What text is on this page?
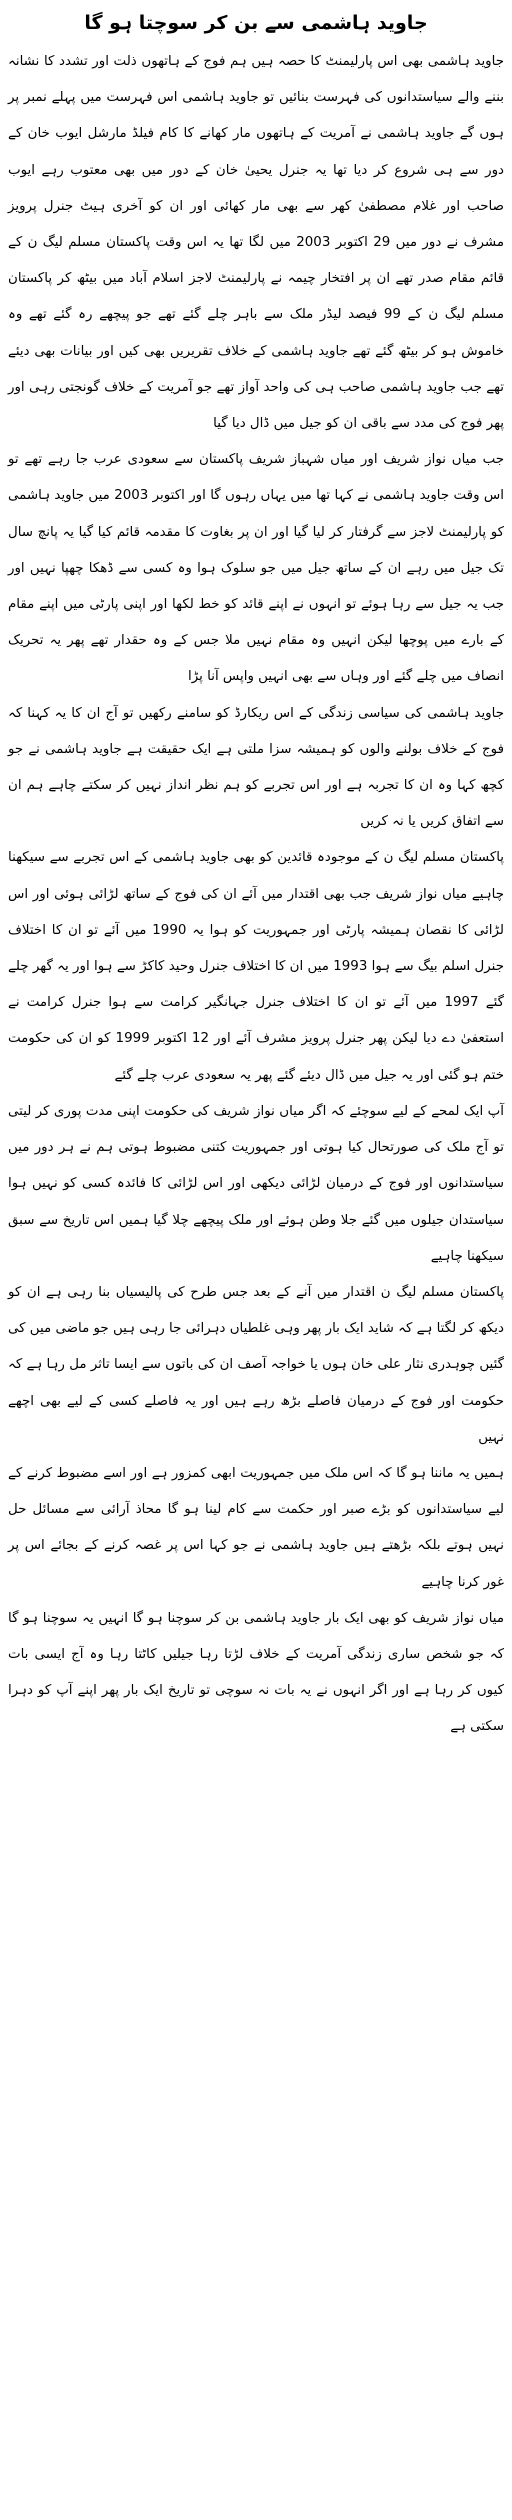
جاوید ہاشمی سے بن کر سوچتا ہو گا

جاوید ہاشمی بھی اس پارلیمنٹ کا حصہ ہیں ہم فوج کے ہاتھوں ذلت اور تشدد کا نشانہ بننے والے سیاستدانوں کی فہرست بنائیں تو جاوید ہاشمی اس فہرست میں پہلے نمبر پر ہوں گے جاوید ہاشمی نے آمریت کے ہاتھوں مار کھانے کا کام فیلڈ مارشل ایوب خان کے دور سے ہی شروع کر دیا تھا یہ جنرل یحییٰ خان کے دور میں بھی معتوب رہے ایوب صاحب اور غلام مصطفیٰ کھر سے بھی مار کھائی اور ان کو آخری ہیٹ جنرل پرویز مشرف نے دور میں 29 اکتوبر 2003 میں لگا تھا یہ اس وقت پاکستان مسلم لیگ ن کے قائم مقام صدر تھے ان پر افتخار چیمہ نے پارلیمنٹ لاجز اسلام آباد میں بیٹھ کر پاکستان مسلم لیگ ن کے 99 فیصد لیڈر ملک سے باہر چلے گئے تھے جو پیچھے رہ گئے تھے وہ خاموش ہو کر بیٹھ گئے تھے جاوید ہاشمی کے خلاف تقریریں بھی کیں اور بیانات بھی دیئے تھے جب جاوید ہاشمی صاحب ہی کی واحد آواز تھے جو آمریت کے خلاف گونجتی رہی اور پھر فوج کی مدد سے باقی ان کو جیل میں ڈال دیا گیا

جب میاں نواز شریف اور میاں شہباز شریف پاکستان سے سعودی عرب جا رہے تھے تو اس وقت جاوید ہاشمی نے کہا تھا میں یہاں رہوں گا اور اکتوبر 2003 میں جاوید ہاشمی کو پارلیمنٹ لاجز سے گرفتار کر لیا گیا اور ان پر بغاوت کا مقدمہ قائم کیا گیا یہ پانچ سال تک جیل میں رہے ان کے ساتھ جیل میں جو سلوک ہوا وہ کسی سے ڈھکا چھپا نہیں اور جب یہ جیل سے رہا ہوئے تو انہوں نے اپنے قائد کو خط لکھا اور اپنی پارٹی میں اپنے مقام کے بارے میں پوچھا لیکن انہیں وہ مقام نہیں ملا جس کے وہ حقدار تھے پھر یہ تحریک انصاف میں چلے گئے اور وہاں سے بھی انہیں واپس آنا پڑا

جاوید ہاشمی کی سیاسی زندگی کے اس ریکارڈ کو سامنے رکھیں تو آج ان کا یہ کہنا کہ فوج کے خلاف بولنے والوں کو ہمیشہ سزا ملتی ہے ایک حقیقت ہے جاوید ہاشمی نے جو کچھ کہا وہ ان کا تجربہ ہے اور اس تجربے کو ہم نظر انداز نہیں کر سکتے چاہے ہم ان سے اتفاق کریں یا نہ کریں

پاکستان مسلم لیگ ن کے موجودہ قائدین کو بھی جاوید ہاشمی کے اس تجربے سے سیکھنا چاہیے میاں نواز شریف جب بھی اقتدار میں آئے ان کی فوج کے ساتھ لڑائی ہوئی اور اس لڑائی کا نقصان ہمیشہ پارٹی اور جمہوریت کو ہوا یہ 1990 میں آئے تو ان کا اختلاف جنرل اسلم بیگ سے ہوا 1993 میں ان کا اختلاف جنرل وحید کاکڑ سے ہوا اور یہ گھر چلے گئے 1997 میں آئے تو ان کا اختلاف جنرل جہانگیر کرامت سے ہوا جنرل کرامت نے استعفیٰ دے دیا لیکن پھر جنرل پرویز مشرف آئے اور 12 اکتوبر 1999 کو ان کی حکومت ختم ہو گئی اور یہ جیل میں ڈال دیئے گئے پھر یہ سعودی عرب چلے گئے

آپ ایک لمحے کے لیے سوچئے کہ اگر میاں نواز شریف کی حکومت اپنی مدت پوری کر لیتی تو آج ملک کی صورتحال کیا ہوتی اور جمہوریت کتنی مضبوط ہوتی ہم نے ہر دور میں سیاستدانوں اور فوج کے درمیان لڑائی دیکھی اور اس لڑائی کا فائدہ کسی کو نہیں ہوا سیاستدان جیلوں میں گئے جلا وطن ہوئے اور ملک پیچھے چلا گیا ہمیں اس تاریخ سے سبق سیکھنا چاہیے

پاکستان مسلم لیگ ن اقتدار میں آنے کے بعد جس طرح کی پالیسیاں بنا رہی ہے ان کو دیکھ کر لگتا ہے کہ شاید ایک بار پھر وہی غلطیاں دہرائی جا رہی ہیں جو ماضی میں کی گئیں چوہدری نثار علی خان ہوں یا خواجہ آصف ان کی باتوں سے ایسا تاثر مل رہا ہے کہ حکومت اور فوج کے درمیان فاصلے بڑھ رہے ہیں اور یہ فاصلے کسی کے لیے بھی اچھے نہیں

ہمیں یہ ماننا ہو گا کہ اس ملک میں جمہوریت ابھی کمزور ہے اور اسے مضبوط کرنے کے لیے سیاستدانوں کو بڑے صبر اور حکمت سے کام لینا ہو گا محاذ آرائی سے مسائل حل نہیں ہوتے بلکہ بڑھتے ہیں جاوید ہاشمی نے جو کہا اس پر غصہ کرنے کے بجائے اس پر غور کرنا چاہیے

میاں نواز شریف کو بھی ایک بار جاوید ہاشمی بن کر سوچنا ہو گا انہیں یہ سوچنا ہو گا کہ جو شخص ساری زندگی آمریت کے خلاف لڑتا رہا جیلیں کاٹتا رہا وہ آج ایسی بات کیوں کر رہا ہے اور اگر انہوں نے یہ بات نہ سوچی تو تاریخ ایک بار پھر اپنے آپ کو دہرا سکتی ہے
